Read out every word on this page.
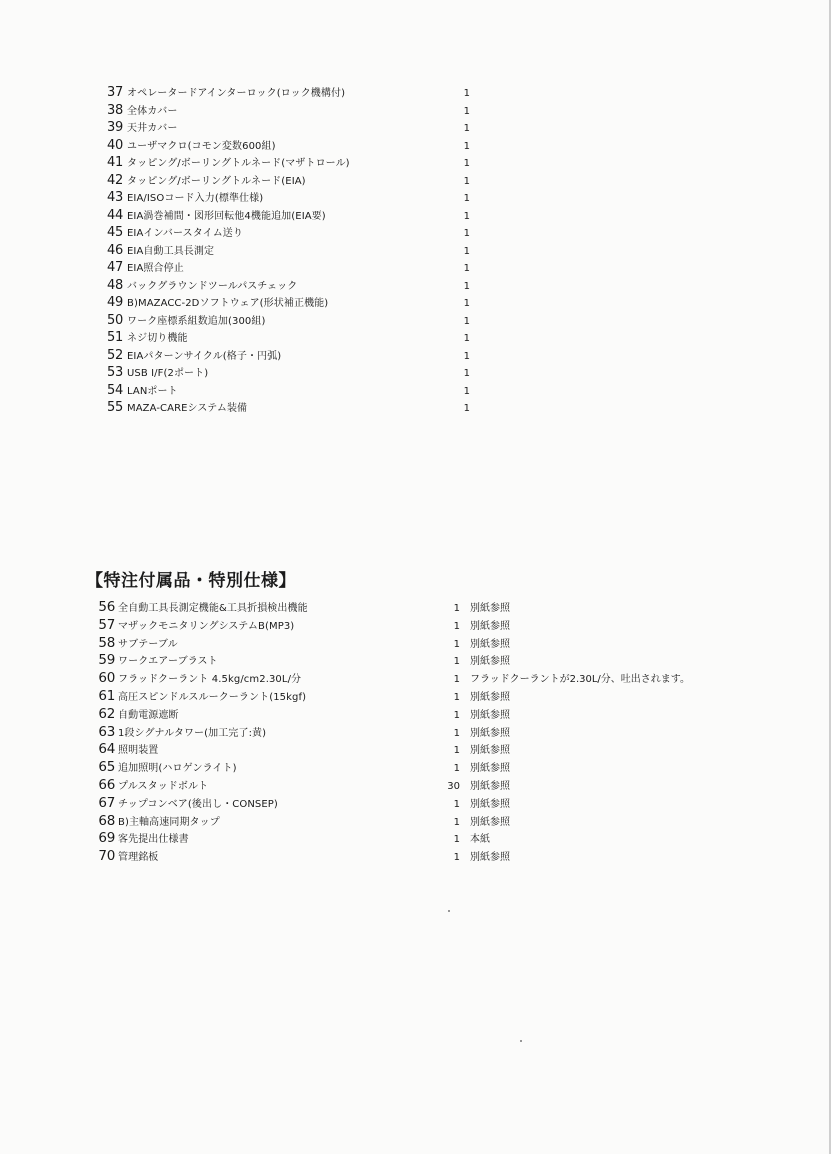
37 オペレータードアインターロック(ロック機構付)	1
38 全体カバー	1
39 天井カバー	1
40 ユーザマクロ(コモン変数600組)	1
41 タッピング/ボーリングトルネード(マザトロール)	1
42 タッピング/ボーリングトルネード(EIA)	1
43 EIA/ISOコード入力(標準仕様)	1
44 EIA渦巻補間・図形回転他4機能追加(EIA要)	1
45 EIAインバースタイム送り	1
46 EIA自動工具長測定	1
47 EIA照合停止	1
48 バックグラウンドツールパスチェック	1
49 B)MAZACC-2Dソフトウェア(形状補正機能)	1
50 ワーク座標系組数追加(300組)	1
51 ネジ切り機能	1
52 EIAパターンサイクル(格子・円弧)	1
53 USB I/F(2ポート)	1
54 LANポート	1
55 MAZA-CAREシステム装備	1
【特注付属品・特別仕様】
56 全自動工具長測定機能&工具折損検出機能	1 別紙参照
57 マザックモニタリングシステムB(MP3)	1 別紙参照
58 サブテーブル	1 別紙参照
59 ワークエアーブラスト	1 別紙参照
60 フラッドクーラント 4.5kg/cm2.30L/分	1 フラッドクーラントが2.30L/分、吐出されます。
61 高圧スピンドルスルークーラント(15kgf)	1 別紙参照
62 自動電源遮断	1 別紙参照
63 1段シグナルタワー(加工完了:黄)	1 別紙参照
64 照明装置	1 別紙参照
65 追加照明(ハロゲンライト)	1 別紙参照
66 プルスタッドボルト	30 別紙参照
67 チップコンベア(後出し・CONSEP)	1 別紙参照
68 B)主軸高速同期タップ	1 別紙参照
69 客先提出仕様書	1 本紙
70 管理銘板	1 別紙参照
